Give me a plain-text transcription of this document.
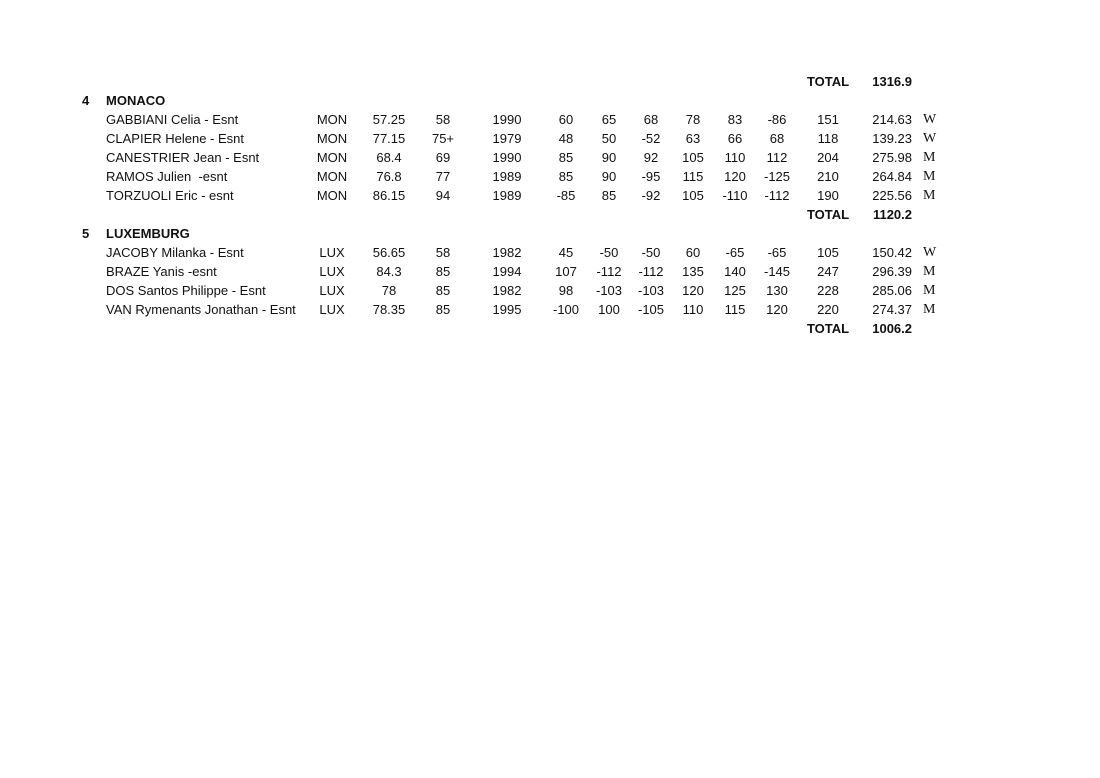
TOTAL	1316.9
4 MONACO
GABBIANI Celia - Esnt	MON	57.25	58	1990	60	65	68	78	83	-86	151	214.63 W
CLAPIER Helene - Esnt	MON	77.15	75+	1979	48	50	-52	63	66	68	118	139.23 W
CANESTRIER Jean - Esnt	MON	68.4	69	1990	85	90	92	105	110	112	204	275.98 M
RAMOS Julien  -esnt	MON	76.8	77	1989	85	90	-95	115	120	-125	210	264.84 M
TORZUOLI Eric - esnt	MON	86.15	94	1989	-85	85	-92	105	-110	-112	190	225.56 M
TOTAL	1120.2
5 LUXEMBURG
JACOBY Milanka - Esnt	LUX	56.65	58	1982	45	-50	-50	60	-65	-65	105	150.42 W
BRAZE Yanis -esnt	LUX	84.3	85	1994	107	-112	-112	135	140	-145	247	296.39 M
DOS Santos Philippe - Esnt	LUX	78	85	1982	98	-103	-103	120	125	130	228	285.06 M
VAN Rymenants Jonathan - Esnt	LUX	78.35	85	1995	-100	100	-105	110	115	120	220	274.37 M
TOTAL	1006.2
